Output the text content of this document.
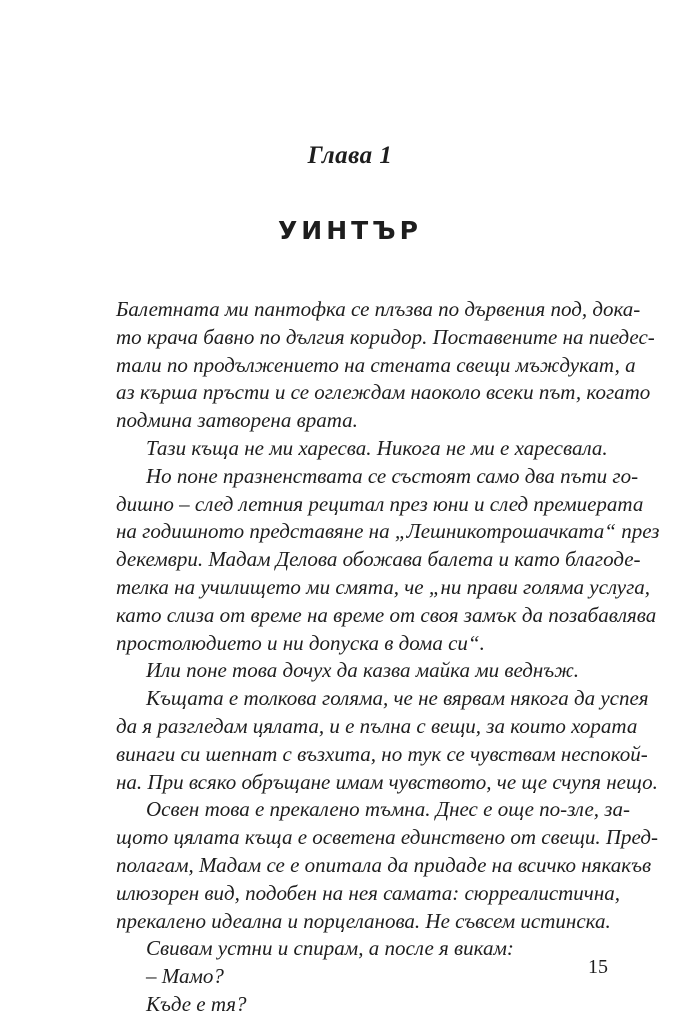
Глава 1
УИНТЪР
Балетната ми пантофка се плъзва по дървения под, дока-
то крача бавно по дългия коридор. Поставените на пиедес-
тали по продължението на стената свещи мъждукат, а
аз кърша пръсти и се оглеждам наоколо всеки път, когато
подмина затворена врата.
Тази къща не ми харесва. Никога не ми е харесвала.
Но поне празненствата се състоят само два пъти го-
дишно – след летния рецитал през юни и след премиерата
на годишното представяне на „Лешникотрошачката“ през
декември. Мадам Делова обожава балета и като благоде-
телка на училището ми смята, че „ни прави голяма услуга,
като слиза от време на време от своя замък да позабавлява
простолюдието и ни допуска в дома си“.
Или поне това дочух да казва майка ми веднъж.
Къщата е толкова голяма, че не вярвам някога да успея
да я разгледам цялата, и е пълна с вещи, за които хората
винаги си шепнат с възхита, но тук се чувствам неспокой-
на. При всяко обръщане имам чувството, че ще счупя нещо.
Освен това е прекалено тъмна. Днес е още по-зле, за-
щото цялата къща е осветена единствено от свещи. Пред-
полагам, Мадам се е опитала да придаде на всичко някакъв
илюзорен вид, подобен на нея самата: сюрреалистична,
прекалено идеална и порцеланова. Не съвсем истинска.
Свивам устни и спирам, а после я викам:
– Мамо?
Къде е тя?
15
